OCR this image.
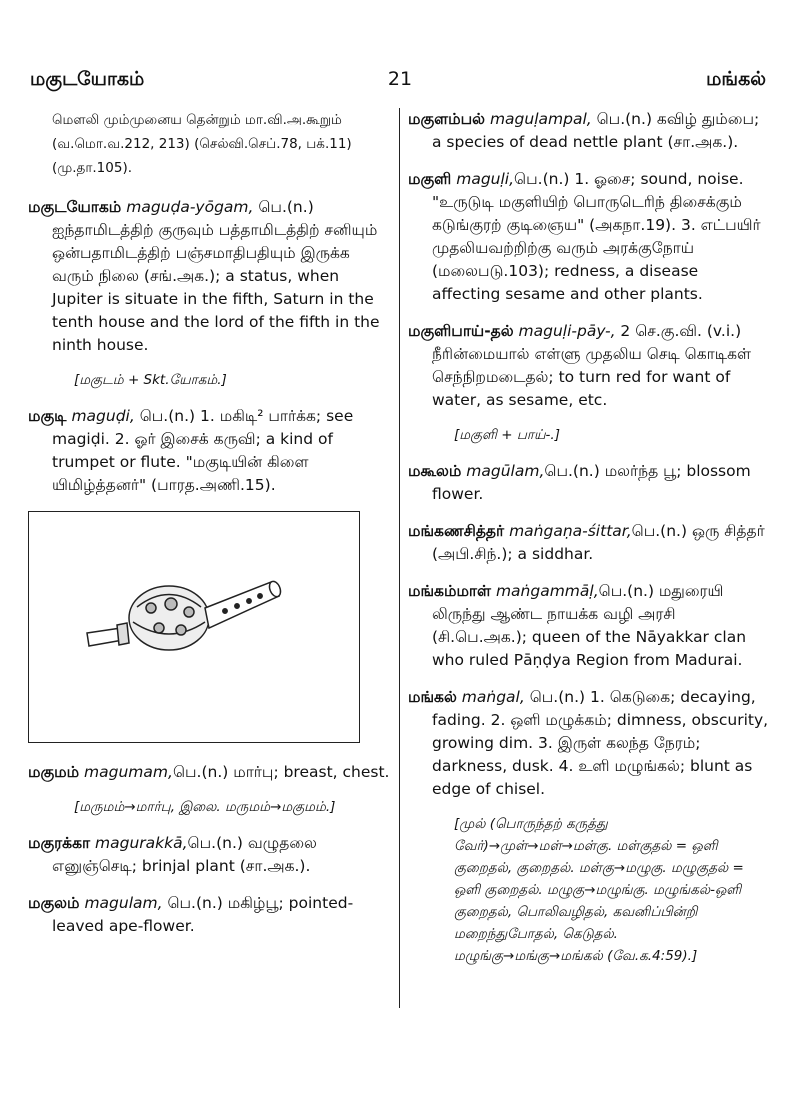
மகுடயோகம்	21	மங்கல்
மௌலி மும்முனைய தென்றும் மா.வி.அ.கூறும் (வ.மொ.வ.212, 213) (செல்வி.செப்.78, பக்.11) (மு.தா.105).
மகுடயோகம் maguḍa-yōgam, பெ.(n.) ஐந்தாமிடத்திற் குருவும் பத்தாமிடத்திற் சனியும் ஒன்பதாமிடத்திற் பஞ்சமாதிபதியும் இருக்க வரும் நிலை (சங்.அக.); a status, when Jupiter is situate in the fifth, Saturn in the tenth house and the lord of the fifth in the ninth house.
[மகுடம் + Skt.யோகம்.]
மகுடி maguḍi, பெ.(n.) 1. மகிடி² பார்க்க; see magiḍi. 2. ஓர் இசைக் கருவி; a kind of trumpet or flute. "மகுடியின் கிளை யிமிழ்த்தனர்" (பாரத.அணி.15).
மகுமம் magumam,பெ.(n.) மார்பு; breast, chest.
[மருமம்→மார்பு, இலை. மருமம்→மகுமம்.]
மகுரக்கா magurakkā,பெ.(n.) வழுதலை எனுஞ்செடி; brinjal plant (சா.அக.).
மகுலம் magulam, பெ.(n.) மகிழ்பூ; pointed-leaved ape-flower.
மகுளம்பல் maguḷampal, பெ.(n.) கவிழ் தும்பை; a species of dead nettle plant (சா.அக.).
மகுளி maguḷi,பெ.(n.) 1. ஓசை; sound, noise. "உருடுடி மகுளியிற் பொருடெரிந் திசைக்கும் கடுங்குரற் குடிஞைய" (அகநா.19). 3. எட்பயிர் முதலியவற்றிற்கு வரும் அரக்குநோய் (மலைபடு.103); redness, a disease affecting sesame and other plants.
மகுளிபாய்-தல் maguḷi-pāy-, 2 செ.கு.வி. (v.i.) நீரின்மையால் எள்ளு முதலிய செடி கொடிகள் செந்நிறமடைதல்; to turn red for want of water, as sesame, etc.
[மகுளி + பாய்-.]
மகூலம் magūlam,பெ.(n.) மலர்ந்த பூ; blossom flower.
மங்கணசித்தர் maṅgaṇa-śittar,பெ.(n.) ஒரு சித்தர் (அபி.சிந்.); a siddhar.
மங்கம்மாள் maṅgammāḷ,பெ.(n.) மதுரையி லிருந்து ஆண்ட நாயக்க வழி அரசி (சி.பெ.அக.); queen of the Nāyakkar clan who ruled Pāṇḍya Region from Madurai.
மங்கல் maṅgal, பெ.(n.) 1. கெடுகை; decaying, fading. 2. ஒளி மழுக்கம்; dimness, obscurity, growing dim. 3. இருள் கலந்த நேரம்; darkness, dusk. 4. உளி மழுங்கல்; blunt as edge of chisel.
[முல் (பொருந்தற் கருத்து வேர்)→முள்→மள்→மள்கு. மள்குதல் = ஒளி குறைதல், குறைதல். மள்கு→மழுகு. மழுகுதல் = ஒளி குறைதல். மழுகு→மழுங்கு. மழுங்கல்-ஒளி குறைதல், பொலிவழிதல், கவனிப்பின்றி மறைந்துபோதல், கெடுதல். மழுங்கு→மங்கு→மங்கல் (வே.க.4:59).]
